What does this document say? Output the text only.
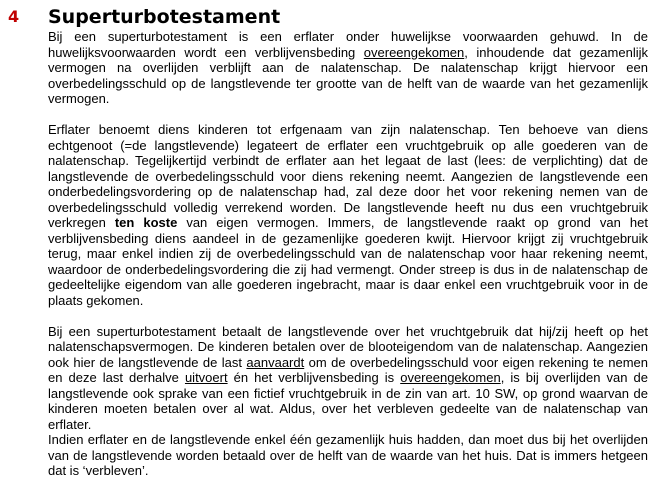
4	Superturbotestament

Bij een superturbotestament is een erflater onder huwelijkse voorwaarden gehuwd. In de huwelijksvoorwaarden wordt een verblijvensbeding overeengekomen, inhoudende dat gezamenlijk vermogen na overlijden verblijft aan de nalatenschap. De nalatenschap krijgt hiervoor een overbedelingsschuld op de langstlevende ter grootte van de helft van de waarde van het gezamenlijk vermogen.

Erflater benoemt diens kinderen tot erfgenaam van zijn nalatenschap. Ten behoeve van diens echtgenoot (=de langstlevende) legateert de erflater een vruchtgebruik op alle goederen van de nalatenschap. Tegelijkertijd verbindt de erflater aan het legaat de last (lees: de verplichting) dat de langstlevende de overbedelingsschuld voor diens rekening neemt. Aangezien de langstlevende een onderbedelingsvordering op de nalatenschap had, zal deze door het voor rekening nemen van de overbedelingsschuld volledig verrekend worden. De langstlevende heeft nu dus een vruchtgebruik verkregen ten koste van eigen vermogen. Immers, de langstlevende raakt op grond van het verblijvensbeding diens aandeel in de gezamenlijke goederen kwijt. Hiervoor krijgt zij vruchtgebruik terug, maar enkel indien zij de overbedelingsschuld van de nalatenschap voor haar rekening neemt, waardoor de onderbedelingsvordering die zij had vermengt. Onder streep is dus in de nalatenschap de gedeeltelijke eigendom van alle goederen ingebracht, maar is daar enkel een vruchtgebruik voor in de plaats gekomen.

Bij een superturbotestament betaalt de langstlevende over het vruchtgebruik dat hij/zij heeft op het nalatenschapsvermogen. De kinderen betalen over de blooteigendom van de nalatenschap. Aangezien ook hier de langstlevende de last aanvaardt om de overbedelingsschuld voor eigen rekening te nemen en deze last derhalve uitvoert én het verblijvensbeding is overeengekomen, is bij overlijden van de langstlevende ook sprake van een fictief vruchtgebruik in de zin van art. 10 SW, op grond waarvan de kinderen moeten betalen over al wat. Aldus, over het verbleven gedeelte van de nalatenschap van erflater.

Indien erflater en de langstlevende enkel één gezamenlijk huis hadden, dan moet dus bij het overlijden van de langstlevende worden betaald over de helft van de waarde van het huis. Dat is immers hetgeen dat is ‘verbleven’.
